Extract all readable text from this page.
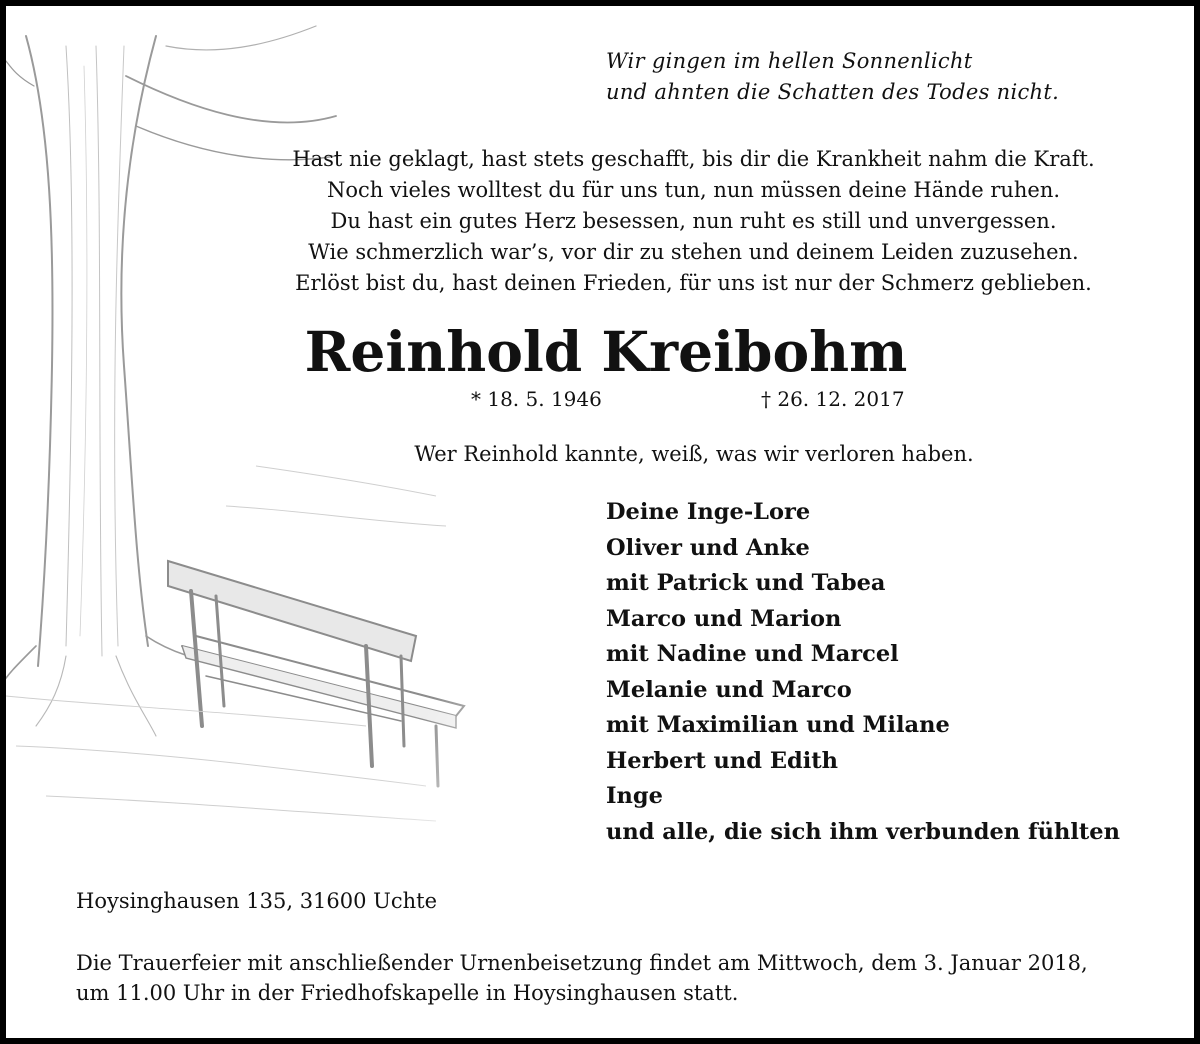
Wir gingen im hellen Sonnenlicht
und ahnten die Schatten des Todes nicht.
Hast nie geklagt, hast stets geschafft, bis dir die Krankheit nahm die Kraft.
Noch vieles wolltest du für uns tun, nun müssen deine Hände ruhen.
Du hast ein gutes Herz besessen, nun ruht es still und unvergessen.
Wie schmerzlich war’s, vor dir zu stehen und deinem Leiden zuzusehen.
Erlöst bist du, hast deinen Frieden, für uns ist nur der Schmerz geblieben.
Reinhold Kreibohm
* 18. 5. 1946	† 26. 12. 2017
Wer Reinhold kannte, weiß, was wir verloren haben.
Deine Inge-Lore
Oliver und Anke
mit Patrick und Tabea
Marco und Marion
mit Nadine und Marcel
Melanie und Marco
mit Maximilian und Milane
Herbert und Edith
Inge
und alle, die sich ihm verbunden fühlten
Hoysinghausen 135, 31600 Uchte
Die Trauerfeier mit anschließender Urnenbeisetzung findet am Mittwoch, dem 3. Januar 2018,
um 11.00 Uhr in der Friedhofskapelle in Hoysinghausen statt.
